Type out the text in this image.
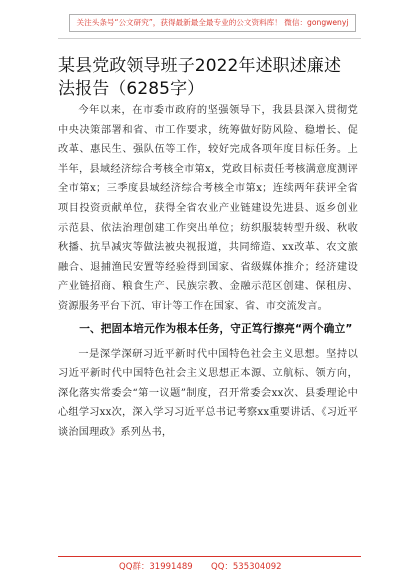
关注头条号“公文研究”，获得最新最全最专业的公文资料库！ 微信：gongwenyj
某县党政领导班子2022年述职述廉述法报告（6285字）

今年以来，在市委市政府的坚强领导下，我县县深入贯彻党中央决策部署和省、市工作要求，统筹做好防风险、稳增长、促改革、惠民生、强队伍等工作，较好完成各项年度目标任务。上半年，县域经济综合考核全市第x，党政目标责任考核满意度测评全市第x；三季度县域经济综合考核全市第x；连续两年获评全省项目投资贡献单位，获得全省农业产业链建设先进县、返乡创业示范县、依法治理创建工作突出单位；纺织服装转型升级、秋收秋播、抗旱减灾等做法被央视报道，共同缔造、xx改革、农文旅融合、退捕渔民安置等经验得到国家、省级媒体推介；经济建设产业链招商、粮食生产、民族宗教、金融示范区创建、保租房、资源服务平台下沉、审计等工作在国家、省、市交流发言。

一、把固本培元作为根本任务，守正笃行擦亮“两个确立”

一是深学深研习近平新时代中国特色社会主义思想。坚持以习近平新时代中国特色社会主义思想正本源、立航标、领方向，深化落实常委会“第一议题”制度，召开常委会xx次、县委理论中心组学习xx次，深入学习习近平总书记考察xx重要讲话、《习近平谈治国理政》系列丛书，

QQ群：31991489 QQ：535304092
